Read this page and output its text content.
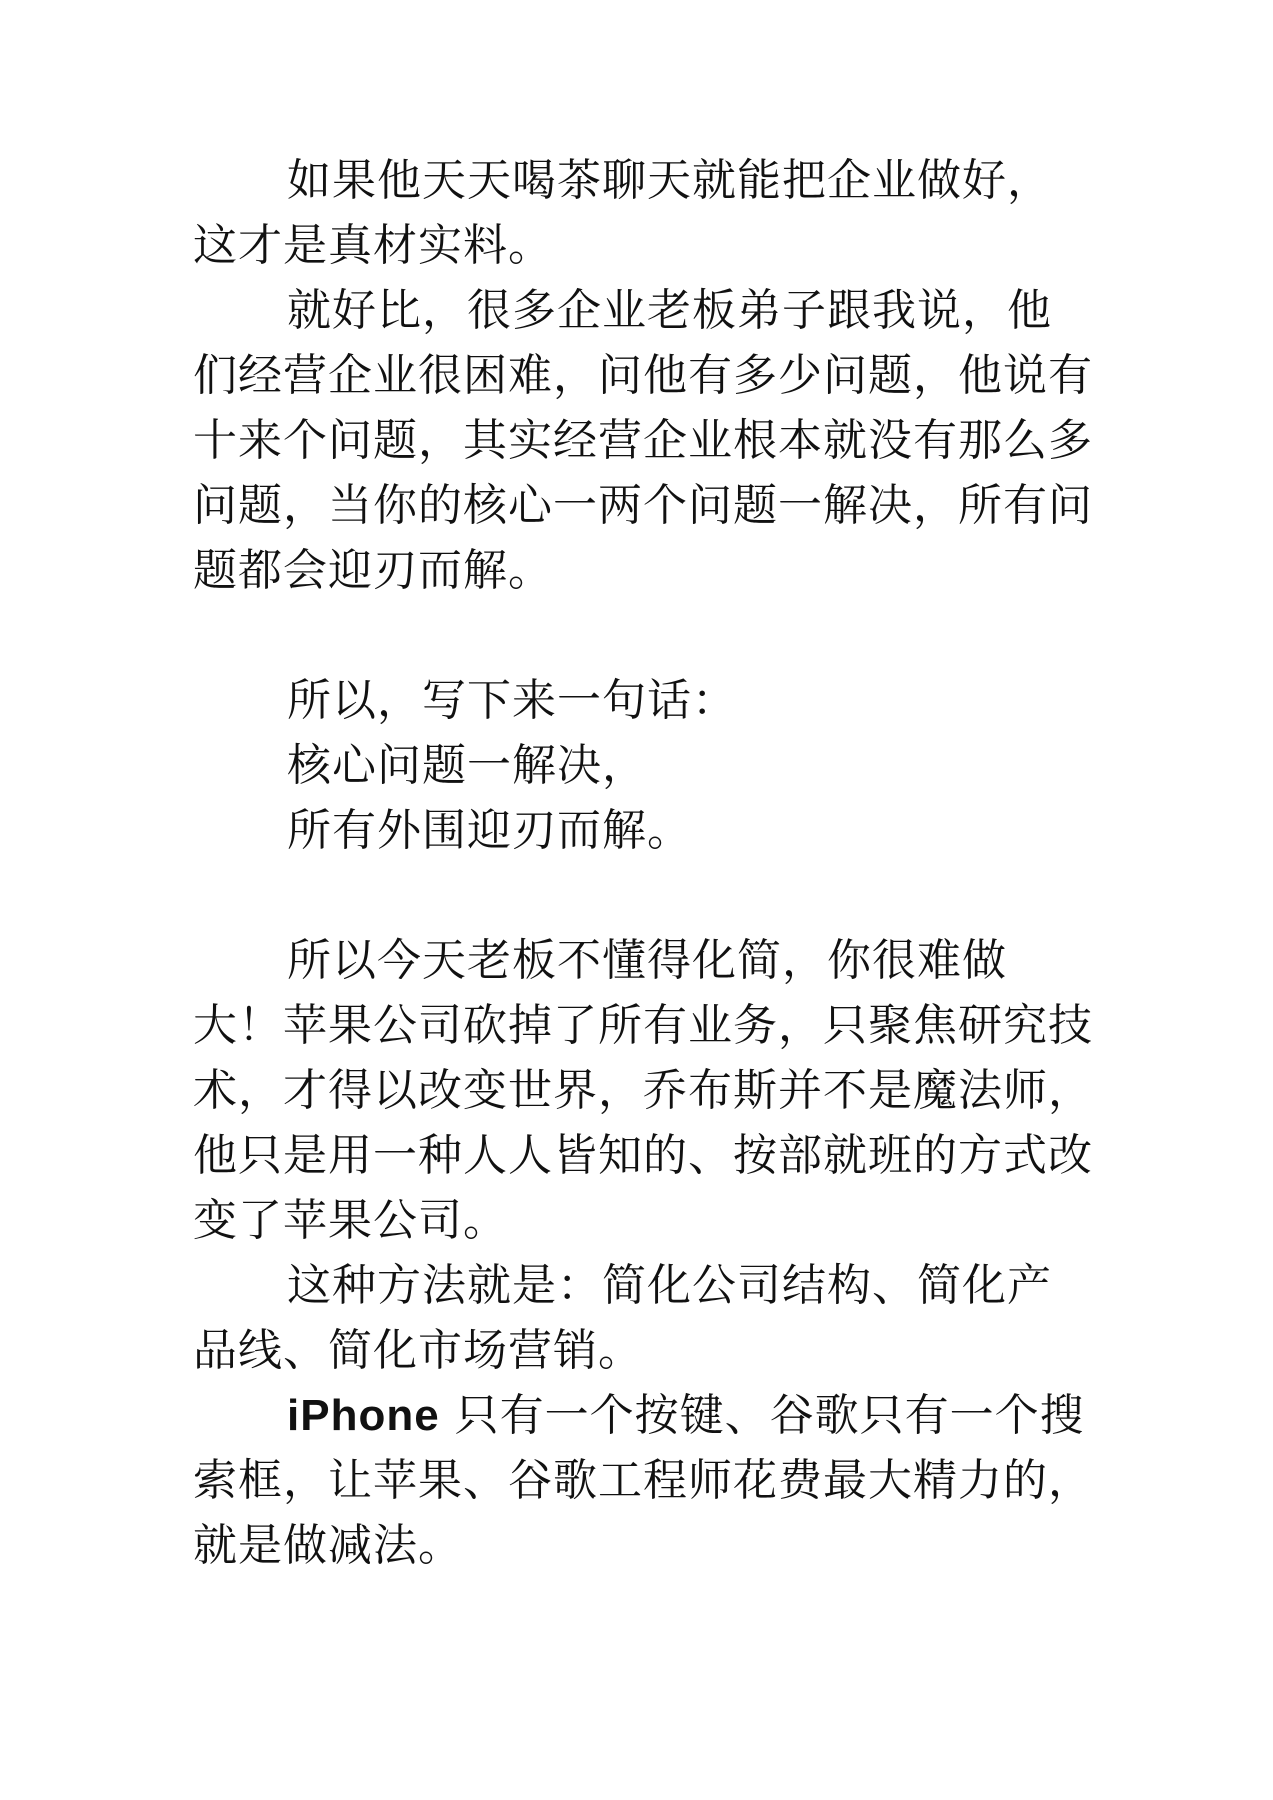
如果他天天喝茶聊天就能把企业做好，这才是真材实料。

就好比，很多企业老板弟子跟我说，他们经营企业很困难，问他有多少问题，他说有十来个问题，其实经营企业根本就没有那么多问题，当你的核心一两个问题一解决，所有问题都会迎刃而解。

所以，写下来一句话：

核心问题一解决，

所有外围迎刃而解。

所以今天老板不懂得化简，你很难做大！苹果公司砍掉了所有业务，只聚焦研究技术，才得以改变世界，乔布斯并不是魔法师，他只是用一种人人皆知的、按部就班的方式改变了苹果公司。

这种方法就是：简化公司结构、简化产品线、简化市场营销。

iPhone 只有一个按键、谷歌只有一个搜索框，让苹果、谷歌工程师花费最大精力的，就是做减法。
